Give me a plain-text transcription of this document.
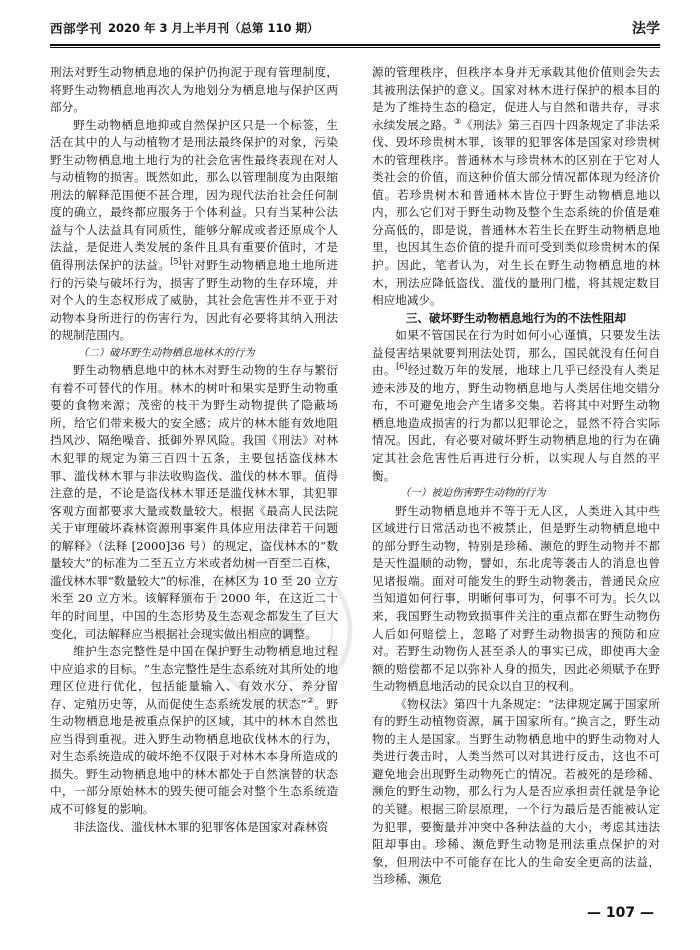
西部学刊 2020 年 3 月上半月刊（总第 110 期）	法学

刑法对野生动物栖息地的保护仍拘泥于现有管理制度，将野生动物栖息地再次人为地划分为栖息地与保护区两部分。

野生动物栖息地抑或自然保护区只是一个标签，生活在其中的人与动植物才是刑法最终保护的对象，污染野生动物栖息地土地行为的社会危害性最终表现在对人与动植物的损害。既然如此，那么以管理制度为由限缩刑法的解释范围便不甚合理，因为现代法治社会任何制度的确立，最终都应服务于个体利益。只有当某种公法益与个人法益具有同质性，能够分解成或者还原成个人法益，是促进人类发展的条件且具有重要价值时，才是值得刑法保护的法益。[5]针对野生动物栖息地土地所进行的污染与破坏行为，损害了野生动物的生存环境，并对个人的生态权形成了威胁，其社会危害性并不亚于对动物本身所进行的伤害行为，因此有必要将其纳入刑法的规制范围内。

（二）破坏野生动物栖息地林木的行为

野生动物栖息地中的林木对野生动物的生存与繁衍有着不可替代的作用。林木的树叶和果实是野生动物重要的食物来源；茂密的枝干为野生动物提供了隐蔽场所，给它们带来极大的安全感；成片的林木能有效地阻挡风沙、隔绝噪音、抵御外界风险。我国《刑法》对林木犯罪的规定为第三百四十五条，主要包括盗伐林木罪、滥伐林木罪与非法收购盗伐、滥伐的林木罪。值得注意的是，不论是盗伐林木罪还是滥伐林木罪，其犯罪客观方面都要求大量或数量较大。根据《最高人民法院关于审理破坏森林资源刑事案件具体应用法律若干问题的解释》（法释 [2000]36 号）的规定，盗伐林木的“数量较大”的标准为二至五立方米或者幼树一百至二百株，滥伐林木罪“数量较大”的标准，在林区为 10 至 20 立方米至 20 立方米。该解释颁布于 2000 年，在这近二十年的时间里，中国的生态形势及生态观念都发生了巨大变化，司法解释应当根据社会现实做出相应的调整。

维护生态完整性是中国在保护野生动物栖息地过程中应追求的目标。“生态完整性是生态系统对其所处的地理区位进行优化，包括能量输入、有效水分、养分留存、定殖历史等，从而促使生态系统发展的状态”②。野生动物栖息地是被重点保护的区域，其中的林木自然也应当得到重视。进入野生动物栖息地砍伐林木的行为，对生态系统造成的破坏绝不仅限于对林木本身所造成的损失。野生动物栖息地中的林木都处于自然演替的状态中，一部分原始林木的毁失便可能会对整个生态系统造成不可修复的影响。

非法盗伐、滥伐林木罪的犯罪客体是国家对森林资

源的管理秩序，但秩序本身并无承载其他价值则会失去其被刑法保护的意义。国家对林木进行保护的根本目的是为了维持生态的稳定，促进人与自然和谐共存，寻求永续发展之路。③《刑法》第三百四十四条规定了非法采伐、毁坏珍贵树木罪，该罪的犯罪客体是国家对珍贵树木的管理秩序。普通林木与珍贵林木的区别在于它对人类社会的价值，而这种价值大部分情况都体现为经济价值。若珍贵树木和普通林木皆位于野生动物栖息地以内，那么它们对于野生动物及整个生态系统的价值是难分高低的，即是说，普通林木若生长在野生动物栖息地里，也因其生态价值的提升而可受到类似珍贵树木的保护。因此，笔者认为，对生长在野生动物栖息地的林木，刑法应降低盗伐、滥伐的量刑门槛，将其规定数目相应地减少。

三、破坏野生动物栖息地行为的不法性阻却

如果不管国民在行为时如何小心谨慎，只要发生法益侵害结果就要判刑法处罚，那么，国民就没有任何自由。[6]经过数万年的发展，地球上几乎已经没有人类足迹未涉及的地方，野生动物栖息地与人类居住地交错分布，不可避免地会产生诸多交集。若将其中对野生动物栖息地造成损害的行为都以犯罪论之，显然不符合实际情况。因此，有必要对破坏野生动物栖息地的行为在确定其社会危害性后再进行分析，以实现人与自然的平衡。

（一）被迫伤害野生动物的行为

野生动物栖息地并不等于无人区，人类进入其中些区域进行日常活动也不被禁止，但是野生动物栖息地中的部分野生动物，特别是珍稀、濒危的野生动物并不都是天性温顺的动物，譬如，东北虎等袭击人的消息也曾见诸报端。面对可能发生的野生动物袭击，普通民众应当知道如何行事，明晰何事可为，何事不可为。长久以来，我国野生动物致损事件关注的重点都在野生动物伤人后如何赔偿上，忽略了对野生动物损害的预防和应对。若野生动物伤人甚至杀人的事实已成，即使再大金额的赔偿都不足以弥补人身的损失，因此必须赋予在野生动物栖息地活动的民众以自卫的权利。

《物权法》第四十九条规定：“法律规定属于国家所有的野生动植物资源，属于国家所有。”换言之，野生动物的主人是国家。当野生动物栖息地中的野生动物对人类进行袭击时，人类当然可以对其进行反击，这也不可避免地会出现野生动物死亡的情况。若被死的是珍稀、濒危的野生动物，那么行为人是否应承担责任就是争论的关键。根据三阶层原理，一个行为最后是否能被认定为犯罪，要衡量并冲突中各种法益的大小，考虑其违法阻却事由。珍稀、濒危野生动物是刑法重点保护的对象，但刑法中不可能存在比人的生命安全更高的法益，当珍稀、濒危

— 107 —
